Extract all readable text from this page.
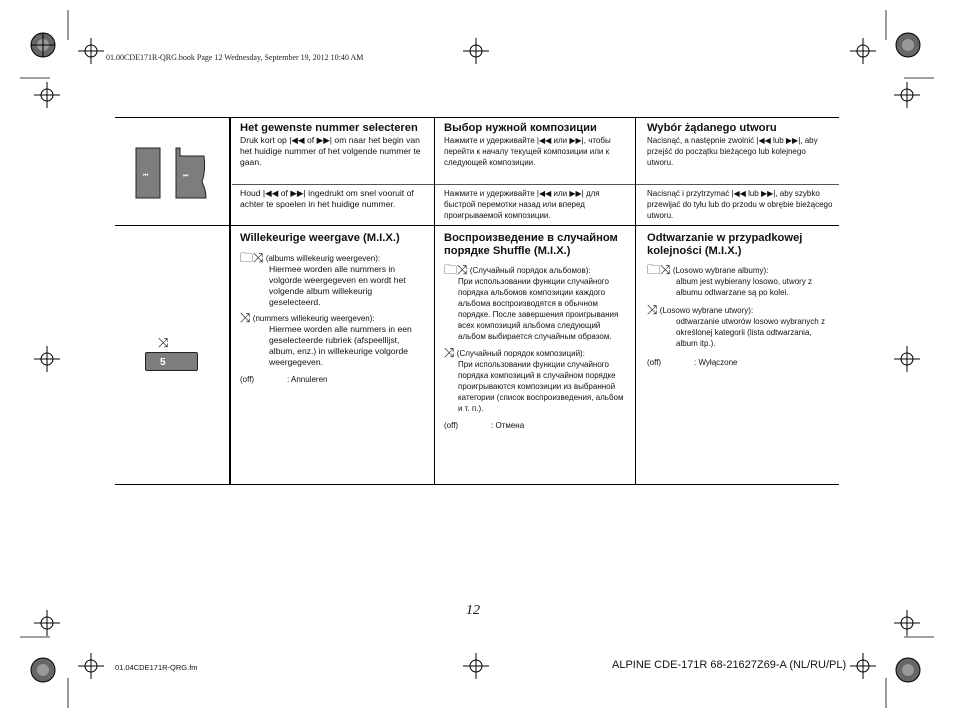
01.00CDE171R-QRG.book Page 12 Wednesday, September 19, 2012 10:40 AM
⏮	⏭
⤨
5
Het gewenste nummer selecteren
Druk kort op |◀◀ of ▶▶| om naar het begin van het huidige nummer of het volgende nummer te gaan.
Houd |◀◀ of ▶▶| ingedrukt om snel vooruit of achter te spoelen in het huidige nummer.
Выбор нужной композиции
Нажмите и удерживайте |◀◀ или ▶▶|, чтобы перейти к началу текущей композиции или к следующей композиции.
Нажмите и удерживайте |◀◀ или ▶▶| для быстрой перемотки назад или вперед проигрываемой композиции.
Wybór żądanego utworu
Nacisnąć, a następnie zwolnić |◀◀ lub ▶▶|, aby przejść do początku bieżącego lub kolejnego utworu.
Nacisnąć i przytrzymać |◀◀ lub ▶▶|, aby szybko przewijać do tyłu lub do przodu w obrębie bieżącego utworu.
Willekeurige weergave (M.I.X.)
🗀⤨ (albums willekeurig weergeven):
Hiermee worden alle nummers in volgorde weergegeven en wordt het volgende album willekeurig geselecteerd.
⤨ (nummers willekeurig weergeven):
Hiermee worden alle nummers in een geselecteerde rubriek (afspeellijst, album, enz.) in willekeurige volgorde weergegeven.
(off)	: Annuleren
Воспроизведение в случайном порядке Shuffle (M.I.X.)
🗀⤨ (Случайный порядок альбомов):
При использовании функции случайного порядка альбомов композиции каждого альбома воспроизводятся в обычном порядке. После завершения проигрывания всех композиций альбома следующий альбом выбирается случайным образом.
⤨ (Случайный порядок композиций):
При использовании функции случайного порядка композиций в случайном порядке проигрываются композиции из выбранной категории (список воспроизведения, альбом и т. п.).
(off)	: Отмена
Odtwarzanie w przypadkowej kolejności (M.I.X.)
🗀⤨ (Losowo wybrane albumy):
album jest wybierany losowo, utwory z albumu odtwarzane są po kolei.
⤨ (Losowo wybrane utwory):
odtwarzanie utworów losowo wybranych z określonej kategorii (lista odtwarzania, album itp.).
(off)	: Wyłączone
12
01.04CDE171R-QRG.fm	ALPINE CDE-171R 68-21627Z69-A (NL/RU/PL)
